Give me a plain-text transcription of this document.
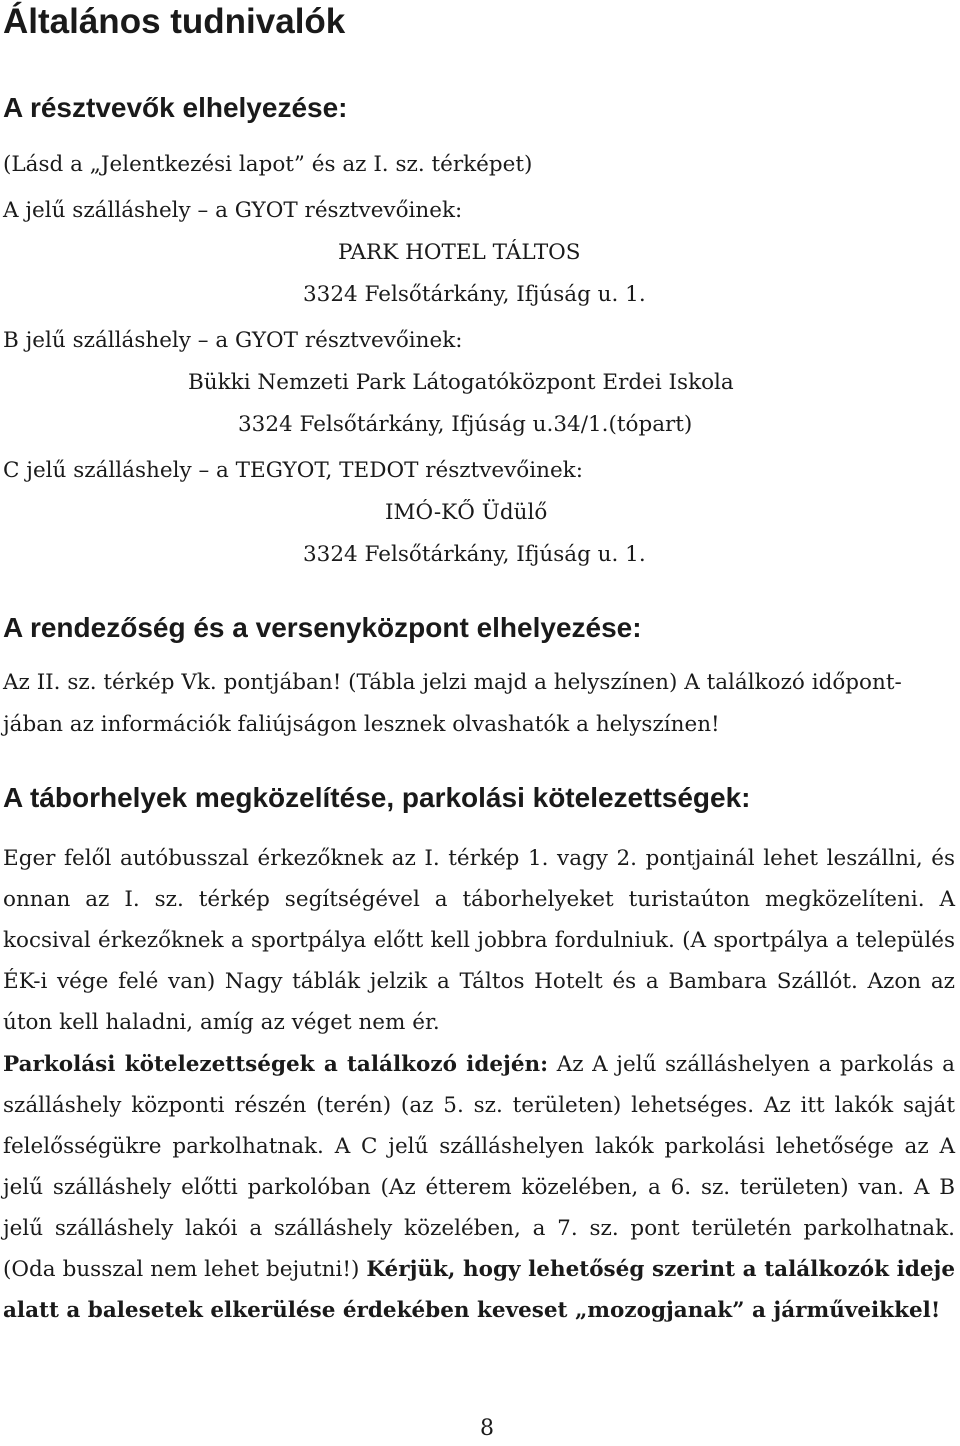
Általános tudnivalók
A résztvevők elhelyezése:
(Lásd a „Jelentkezési lapot” és az I. sz. térképet)
A jelű szálláshely – a GYOT résztvevőinek:
PARK HOTEL TÁLTOS
3324 Felsőtárkány, Ifjúság u. 1.
B jelű szálláshely – a GYOT résztvevőinek:
Bükki Nemzeti Park Látogatóközpont Erdei Iskola
3324 Felsőtárkány, Ifjúság u.34/1.(tópart)
C jelű szálláshely – a TEGYOT, TEDOT résztvevőinek:
IMÓ-KŐ Üdülő
3324 Felsőtárkány, Ifjúság u. 1.
A rendezőség és a versenyközpont elhelyezése:
Az II. sz. térkép Vk. pontjában! (Tábla jelzi majd a helyszínen) A találkozó időpont-
jában az információk faliújságon lesznek olvashatók a helyszínen!
A táborhelyek megközelítése, parkolási kötelezettségek:

Eger felől autóbusszal érkezőknek az I. térkép 1. vagy 2. pontjainál lehet leszállni, és onnan az I. sz. térkép segítségével a táborhelyeket turistaúton megközelíteni. A kocsival érkezőknek a sportpálya előtt kell jobbra fordulniuk. (A sportpálya a település ÉK-i vége felé van) Nagy táblák jelzik a Táltos Hotelt és a Bambara Szállót. Azon az úton kell haladni, amíg az véget nem ér.

Parkolási kötelezettségek a találkozó idején: Az A jelű szálláshelyen a parkolás a szálláshely központi részén (terén) (az 5. sz. területen) lehetséges. Az itt lakók saját felelősségükre parkolhatnak. A C jelű szálláshelyen lakók parkolási lehetősége az A jelű szálláshely előtti parkolóban (Az étterem közelében, a 6. sz. területen) van. A B jelű szálláshely lakói a szálláshely közelében, a 7. sz. pont területén parkolhatnak. (Oda busszal nem lehet bejutni!) Kérjük, hogy lehetőség szerint a találkozók ideje alatt a balesetek elkerülése érdekében keveset „mozogjanak” a járműveikkel!

8
